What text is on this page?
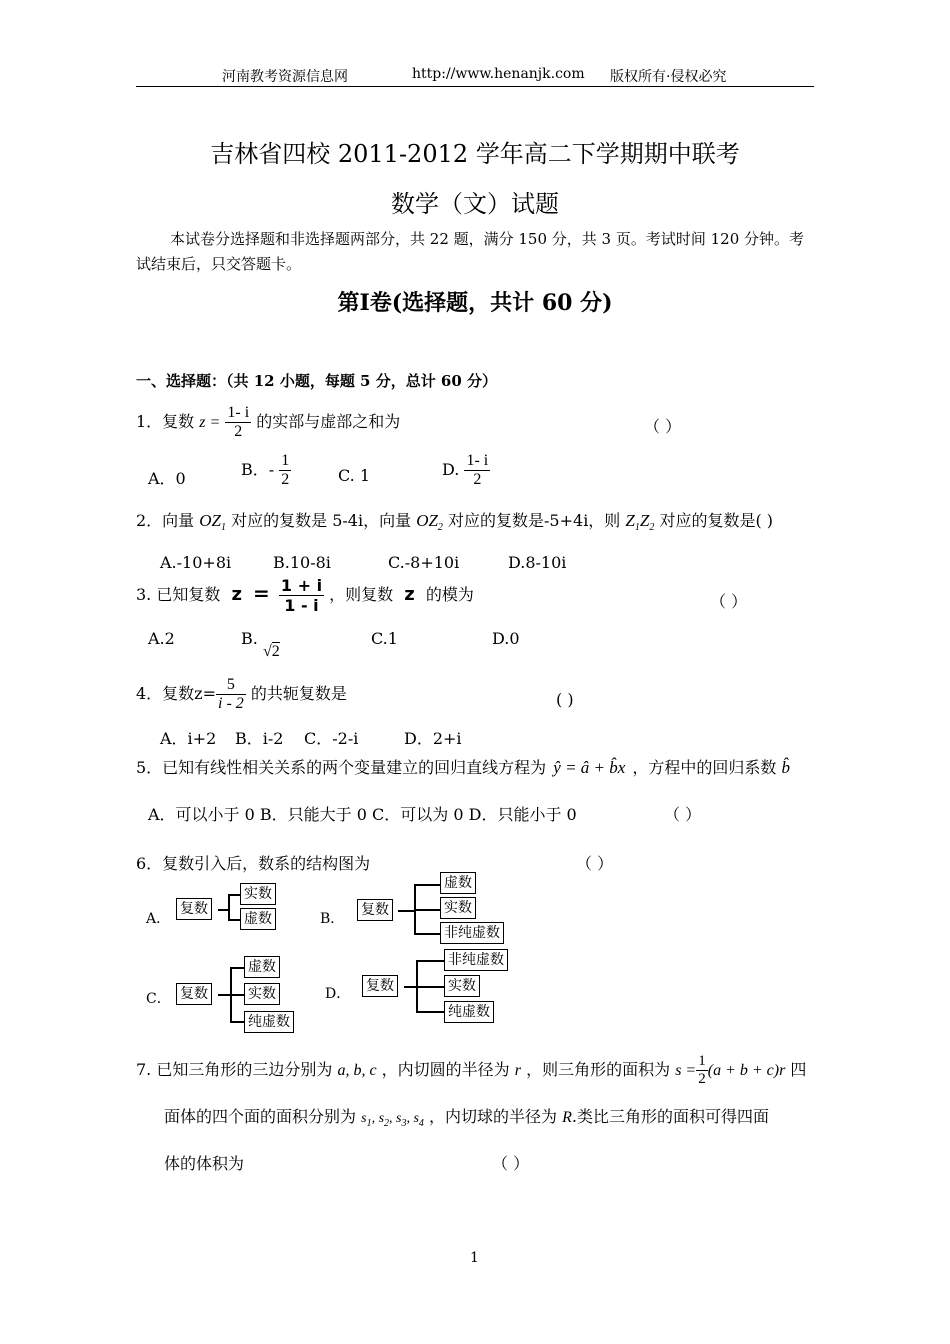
河南教考资源信息网	http://www.henanjk.com 版权所有·侵权必究
吉林省四校 2011-2012 学年高二下学期期中联考
数学（文）试题
本试卷分选择题和非选择题两部分，共 22 题，满分 150 分，共 3 页。考试时间 120 分钟。考
试结束后，只交答题卡。
第Ⅰ卷(选择题，共计 60 分)
一、选择题：（共 12 小题，每题 5 分，总计 60 分）
1．复数 $z = \frac{1- i}{2}$ 的实部与虚部之和为	（ ）
A．0	B．- $\frac{1}{2}$	C. 1	D. $\frac{1- i}{2}$
2．向量 $OZ_1$ 对应的复数是 5-4i，向量 $OZ_2$ 对应的复数是-5+4i，则 $Z_1Z_2$ 对应的复数是( )
A.-10+8i	B.10-8i	C.-8+10i	D.8-10i
3. 已知复数 $z = \frac{1 + i}{1 - i}$ ，则复数 z 的模为	（ ）
A.2	B. √2
C.1	D.0
4．复数$z= \frac{5}{i - 2}$ 的共轭复数是	( )
A．i+2 B．i-2 C．-2-i	D．2+i
5．已知有线性相关关系的两个变量建立的回归直线方程为 ŷ = â + b̂x ，方程中的回归系数 b̂
A．可以小于 0 B．只能大于 0 C．可以为 0 D．只能小于 0	（ ）
6．复数引入后，数系的结构图为	（ ）
A．
复数
实数
虚数	B．
复数
虚数
实数
非纯虚数
C． 复数
虚数
实数
纯虚数
D． 复数
非纯虚数
实数
纯虚数
7. 已知三角形的三边分别为 a, b, c ，内切圆的半径为 r ，则三角形的面积为 $s = \frac{1}{2} (a + b + c)r$ 四
面体的四个面的面积分别为 $s_1$, $s_2$, $s_3$, $s_4$ ，内切球的半径为 R.类比三角形的面积可得四面
体的体积为	（ ）
1
